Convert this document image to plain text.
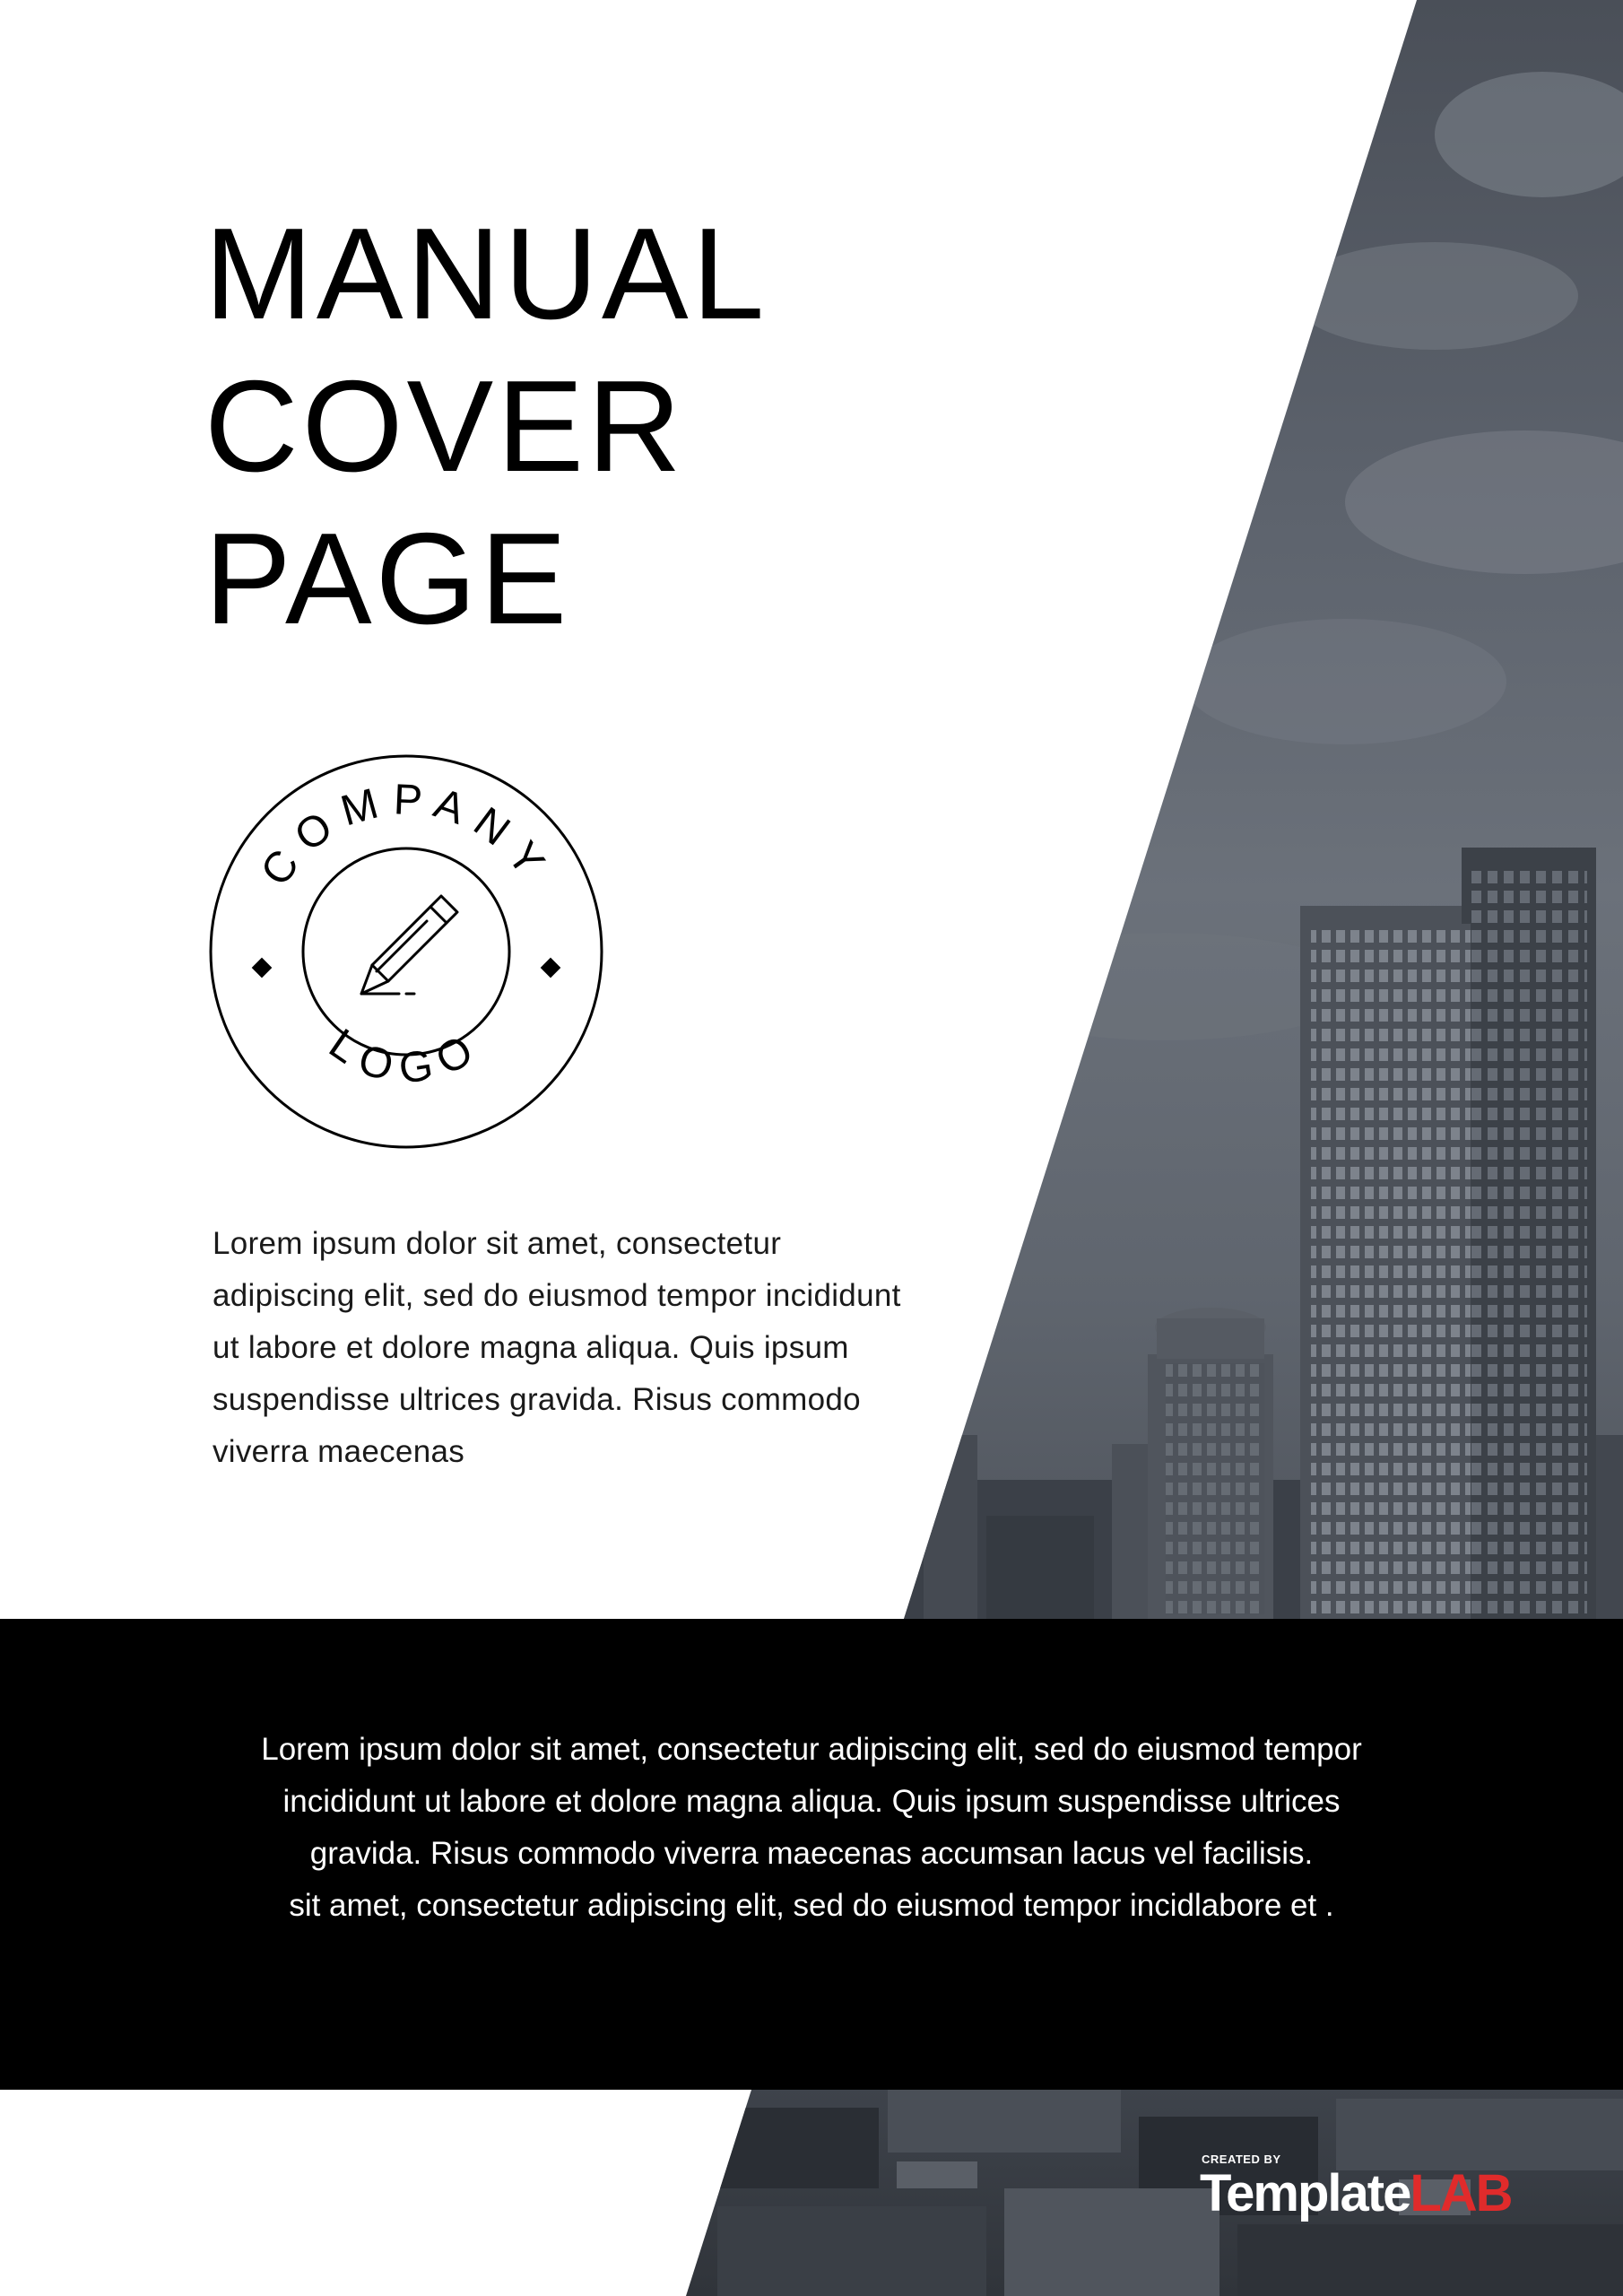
MANUAL
COVER
PAGE
COMPANY
LOGO

Lorem ipsum dolor sit amet, consectetur adipiscing elit, sed do eiusmod tempor incididunt ut labore et dolore magna aliqua. Quis ipsum suspendisse ultrices gravida. Risus commodo viverra maecenas

Lorem ipsum dolor sit amet, consectetur adipiscing elit, sed do eiusmod tempor
incididunt ut labore et dolore magna aliqua. Quis ipsum suspendisse ultrices
gravida. Risus commodo viverra maecenas accumsan lacus vel facilisis.
sit amet, consectetur adipiscing elit, sed do eiusmod tempor incidlabore et .

CREATED BY
TemplateLAB
